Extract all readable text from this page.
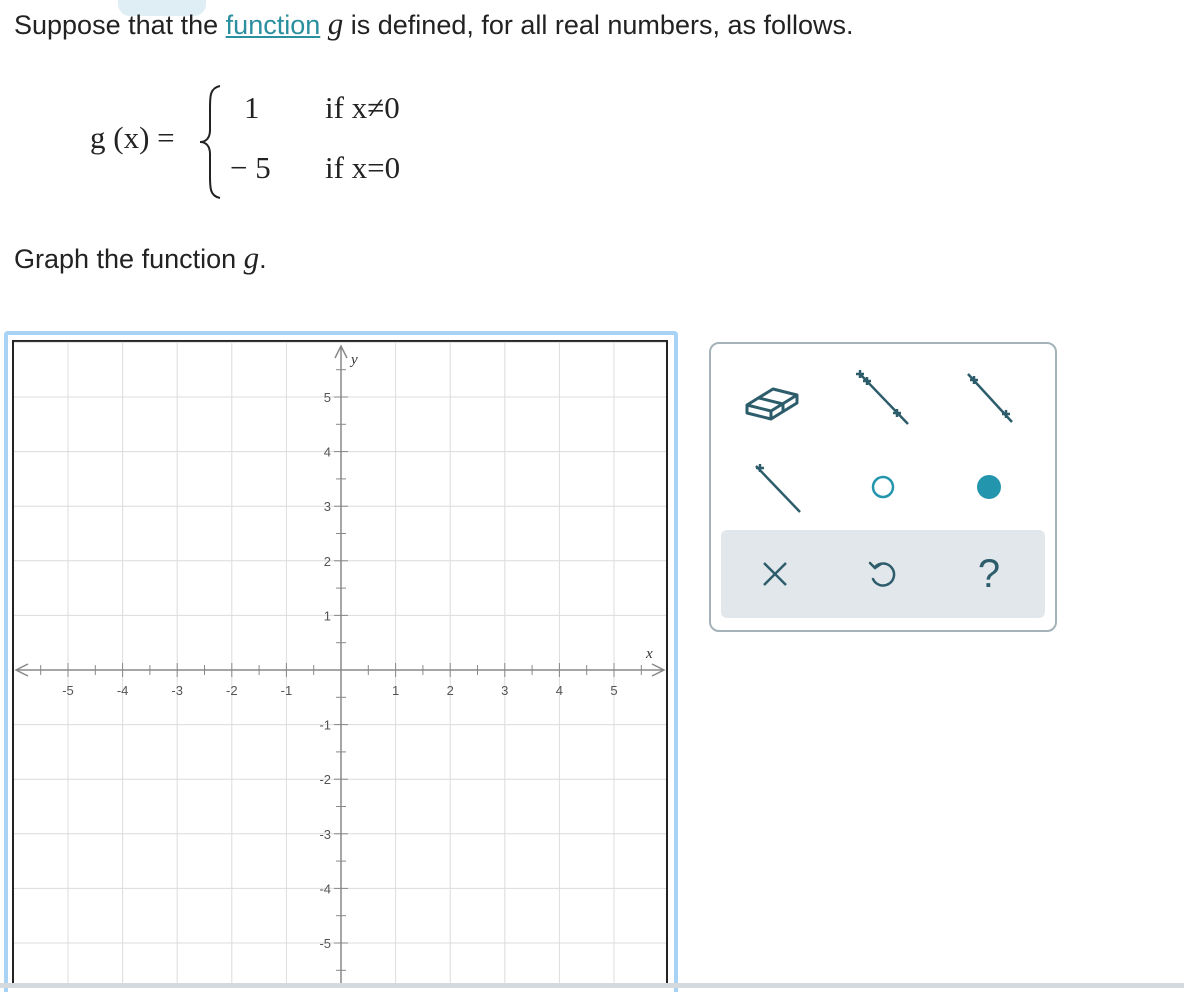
Suppose that the function g is defined, for all real numbers, as follows.
g (x) =
1 if x≠0
− 5 if x=0
Graph the function g.
-5	-4	-3	-2	-1	1	2	3	4	5
-5
-4
-3
-2
-1
1
2
3
4
5
x
y
?
